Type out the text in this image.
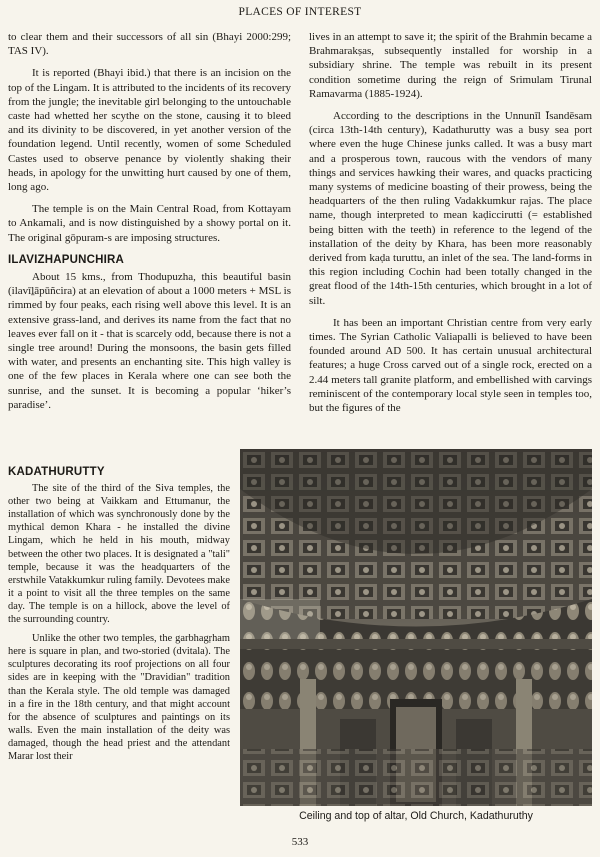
PLACES OF INTEREST

to clear them and their successors of all sin (Bhayi 2000:299; TAS IV).

It is reported (Bhayi ibid.) that there is an incision on the top of the Lingam. It is attributed to the incidents of its recovery from the jungle; the inevitable girl belonging to the untouchable caste had whetted her scythe on the stone, causing it to bleed and its divinity to be discovered, in yet another version of the foundation legend. Until recently, women of some Scheduled Castes used to observe penance by violently shaking their heads, in apology for the unwitting hurt caused by one of them, long ago.

The temple is on the Main Central Road, from Kottayam to Ankamali, and is now distinguished by a showy portal on it. The original gōpuram-s are imposing structures.

ILAVIZHAPUNCHIRA

About 15 kms., from Thodupuzha, this beautiful basin (ilavīḻāpūñcira) at an elevation of about a 1000 meters + MSL is rimmed by four peaks, each rising well above this level. It is an extensive grass-land, and derives its name from the fact that no leaves ever fall on it - that is scarcely odd, because there is not a single tree around! During the monsoons, the basin gets filled with water, and presents an enchanting site. This high valley is one of the few places in Kerala where one can see both the sunrise, and the sunset. It is becoming a popular ‘hiker’s paradise’.

lives in an attempt to save it; the spirit of the Brahmin became a Brahmarakṣas, subsequently installed for worship in a subsidiary shrine. The temple was rebuilt in its present condition sometime during the reign of Srimulam Tirunal Ramavarma (1885-1924).

According to the descriptions in the Unnunīl Īsandēsam (circa 13th-14th century), Kadathurutty was a busy sea port where even the huge Chinese junks called. It was a busy mart and a prosperous town, raucous with the vendors of many things and services hawking their wares, and quacks practicing many systems of medicine boasting of their prowess, being the headquarters of the then ruling Vadakkumkur rajas. The place name, though interpreted to mean kaḍiccirutti (= established being bitten with the teeth) in reference to the legend of the installation of the deity by Khara, has been more reasonably derived from kaḍa turuttu, an inlet of the sea. The land-forms in this region including Cochin had been totally changed in the great flood of the 14th-15th centuries, which brought in a lot of silt.

It has been an important Christian centre from very early times. The Syrian Catholic Valiapalli is believed to have been founded around AD 500. It has certain unusual architectural features; a huge Cross carved out of a single rock, erected on a 2.44 meters tall granite platform, and embellished with carvings reminiscent of the contemporary local style seen in temples too, but the figures of the

KADATHURUTTY

The site of the third of the Siva temples, the other two being at Vaikkam and Ettumanur, the installation of which was synchronously done by the mythical demon Khara - he installed the divine Lingam, which he held in his mouth, midway between the other two places. It is designated a "tali" temple, because it was the headquarters of the erstwhile Vatakkumkur ruling family. Devotees make it a point to visit all the three temples on the same day. The temple is on a hillock, above the level of the surrounding country.

Unlike the other two temples, the garbhagṛham here is square in plan, and two-storied (dvitala). The sculptures decorating its roof projections on all four sides are in keeping with the "Dravidian" tradition than the Kerala style. The old temple was damaged in a fire in the 18th century, and that might account for the absence of sculptures and paintings on its walls. Even the main installation of the deity was damaged, though the head priest and the attendant Marar lost their

Ceiling and top of altar, Old Church, Kadathuruthy
533
